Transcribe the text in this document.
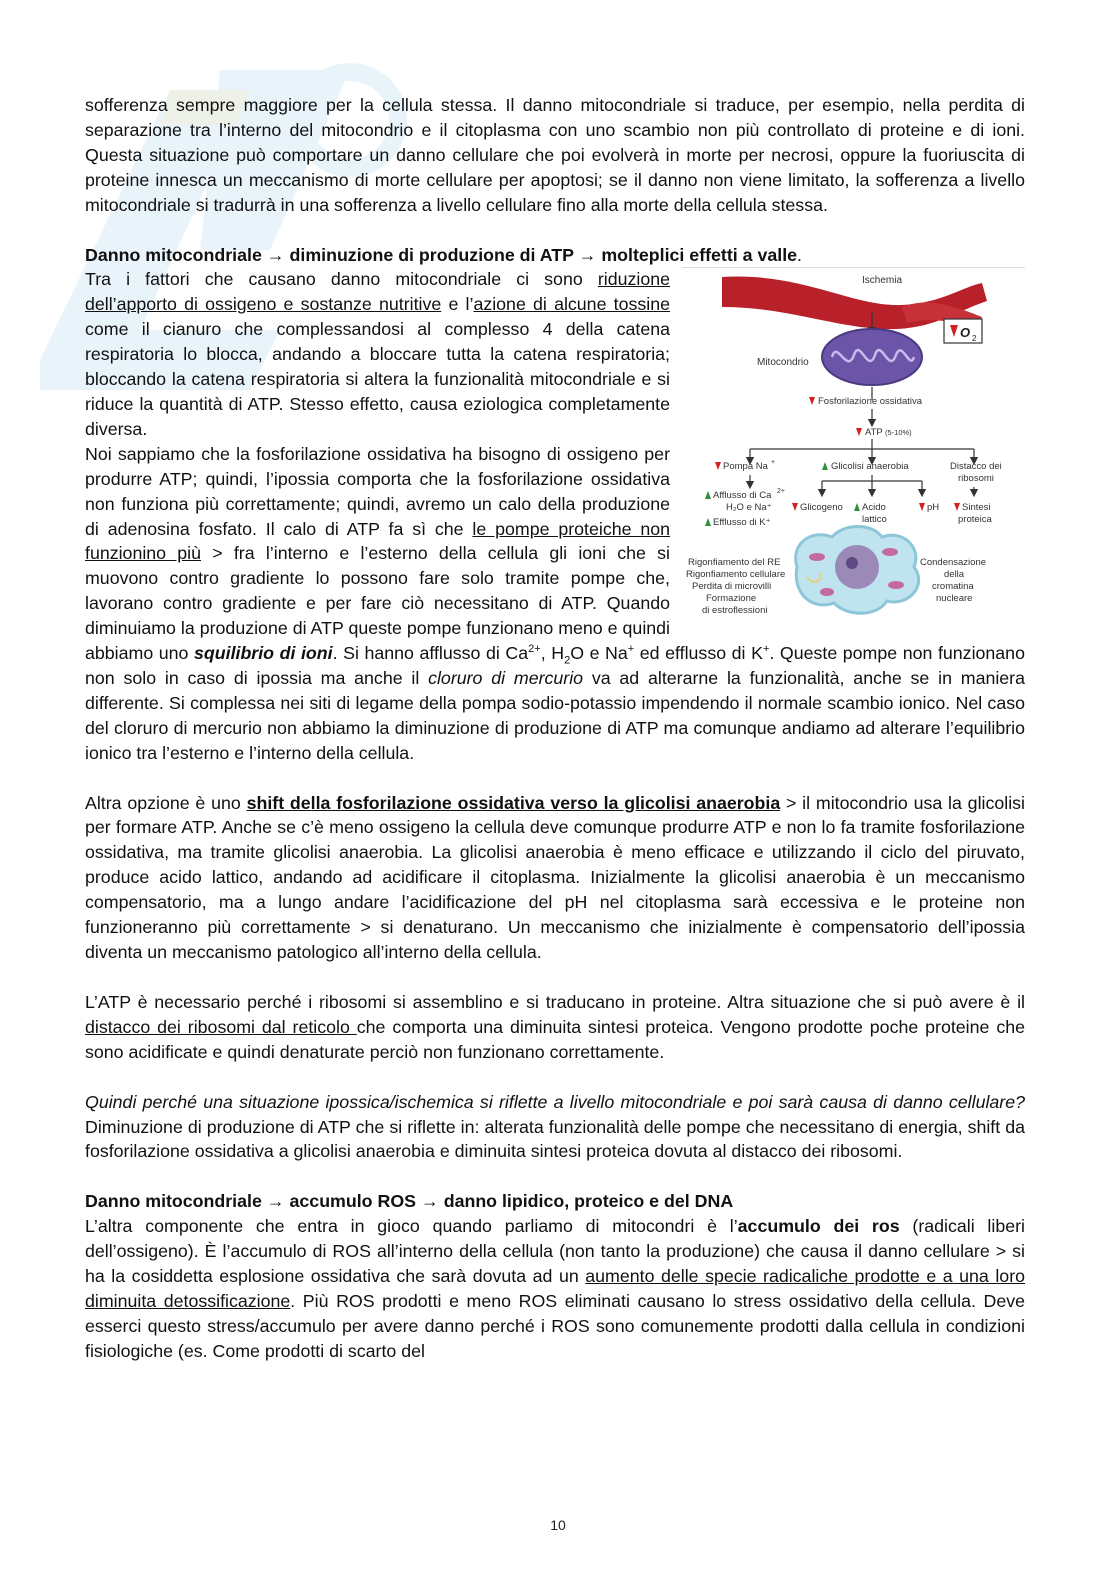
sofferenza sempre maggiore per la cellula stessa. Il danno mitocondriale si traduce, per esempio, nella perdita di separazione tra l’interno del mitocondrio e il citoplasma con uno scambio non più controllato di proteine e di ioni. Questa situazione può comportare un danno cellulare che poi evolverà in morte per necrosi, oppure la fuoriuscita di proteine innesca un meccanismo di morte cellulare per apoptosi; se il danno non viene limitato, la sofferenza a livello mitocondriale si tradurrà in una sofferenza a livello cellulare fino alla morte della cellula stessa.

Danno mitocondriale → diminuzione di produzione di ATP → molteplici effetti a valle.

Ischemia
O 2
Mitocondrio
Fosforilazione ossidativa
ATP (5-10%)
Pompa Na +	Glicolisi anaerobia	Distacco dei
ribosomi
Afflusso di Ca 2+
H₂O e Na⁺
Efflusso di K⁺
Glicogeno Acido
lattico
pH Sintesi
proteica
Rigonfiamento del RE
Rigonfiamento cellulare
Perdita di microvilli
Formazione
di estroflessioni
Condensazione
della
cromatina
nucleare

Tra i fattori che causano danno mitocondriale ci sono riduzione dell’apporto di ossigeno e sostanze nutritive e l’azione di alcune tossine come il cianuro che complessandosi al complesso 4 della catena respiratoria lo blocca, andando a bloccare tutta la catena respiratoria; bloccando la catena respiratoria si altera la funzionalità mitocondriale e si riduce la quantità di ATP. Stesso effetto, causa eziologica completamente diversa.

Noi sappiamo che la fosforilazione ossidativa ha bisogno di ossigeno per produrre ATP; quindi, l’ipossia comporta che la fosforilazione ossidativa non funziona più correttamente; quindi, avremo un calo della produzione di adenosina fosfato. Il calo di ATP fa sì che le pompe proteiche non funzionino più > fra l’interno e l’esterno della cellula gli ioni che si muovono contro gradiente lo possono fare solo tramite pompe che, lavorano contro gradiente e per fare ciò necessitano di ATP. Quando diminuiamo la produzione di ATP queste pompe funzionano meno e quindi abbiamo uno squilibrio di ioni. Si hanno afflusso di $Ca^{2+}$, $H_2O$ e Na+ ed efflusso di K+. Queste pompe non funzionano non solo in caso di ipossia ma anche il cloruro di mercurio va ad alterarne la funzionalità, anche se in maniera differente. Si complessa nei siti di legame della pompa sodio-potassio impendendo il normale scambio ionico. Nel caso del cloruro di mercurio non abbiamo la diminuzione di produzione di ATP ma comunque andiamo ad alterare l’equilibrio ionico tra l’esterno e l’interno della cellula.

Altra opzione è uno shift della fosforilazione ossidativa verso la glicolisi anaerobia > il mitocondrio usa la glicolisi per formare ATP. Anche se c’è meno ossigeno la cellula deve comunque produrre ATP e non lo fa tramite fosforilazione ossidativa, ma tramite glicolisi anaerobia. La glicolisi anaerobia è meno efficace e utilizzando il ciclo del piruvato, produce acido lattico, andando ad acidificare il citoplasma. Inizialmente la glicolisi anaerobia è un meccanismo compensatorio, ma a lungo andare l’acidificazione del pH nel citoplasma sarà eccessiva e le proteine non funzioneranno più correttamente > si denaturano. Un meccanismo che inizialmente è compensatorio dell’ipossia diventa un meccanismo patologico all’interno della cellula.

L’ATP è necessario perché i ribosomi si assemblino e si traducano in proteine. Altra situazione che si può avere è il distacco dei ribosomi dal reticolo che comporta una diminuita sintesi proteica. Vengono prodotte poche proteine che sono acidificate e quindi denaturate perciò non funzionano correttamente.

Quindi perché una situazione ipossica/ischemica si riflette a livello mitocondriale e poi sarà causa di danno cellulare? Diminuzione di produzione di ATP che si riflette in: alterata funzionalità delle pompe che necessitano di energia, shift da fosforilazione ossidativa a glicolisi anaerobia e diminuita sintesi proteica dovuta al distacco dei ribosomi.

Danno mitocondriale → accumulo ROS → danno lipidico, proteico e del DNA

L’altra componente che entra in gioco quando parliamo di mitocondri è l’accumulo dei ros (radicali liberi dell’ossigeno). È l’accumulo di ROS all’interno della cellula (non tanto la produzione) che causa il danno cellulare > si ha la cosiddetta esplosione ossidativa che sarà dovuta ad un aumento delle specie radicaliche prodotte e a una loro diminuita detossificazione. Più ROS prodotti e meno ROS eliminati causano lo stress ossidativo della cellula. Deve esserci questo stress/accumulo per avere danno perché i ROS sono comunemente prodotti dalla cellula in condizioni fisiologiche (es. Come prodotti di scarto del

10
